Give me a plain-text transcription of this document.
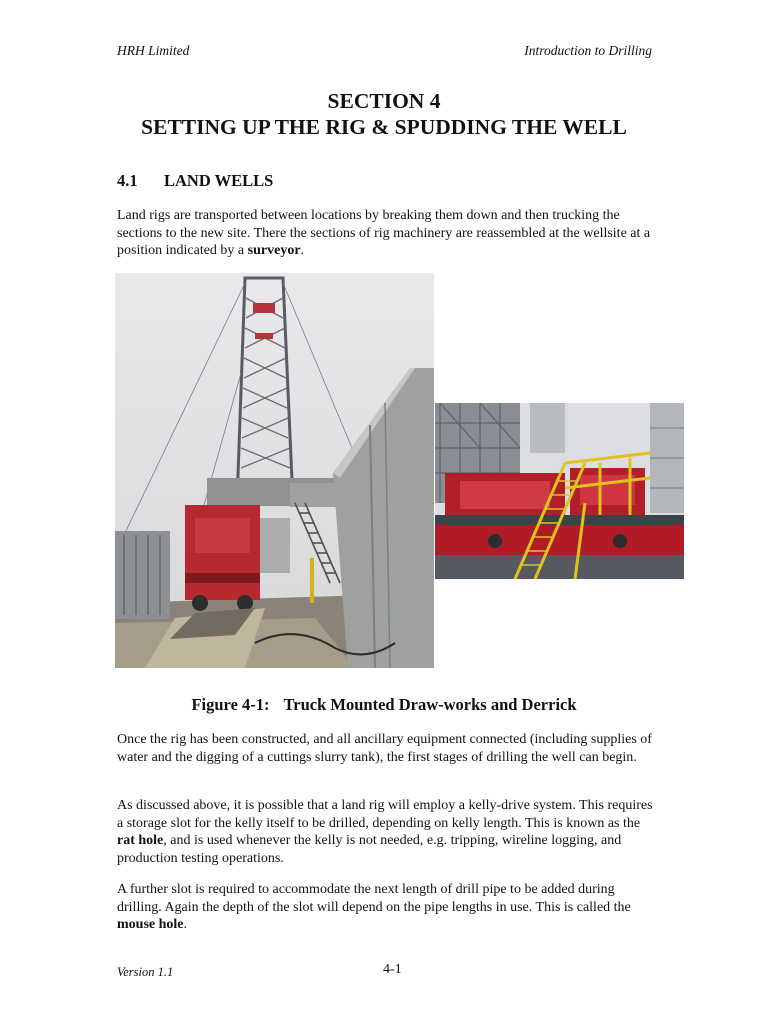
HRH Limited	Introduction to Drilling
SECTION 4
SETTING UP THE RIG & SPUDDING THE WELL
4.1 LAND WELLS

Land rigs are transported between locations by breaking them down and then trucking the sections to the new site. There the sections of rig machinery are reassembled at the wellsite at a position indicated by a surveyor.

Figure 4-1: Truck Mounted Draw-works and Derrick

Once the rig has been constructed, and all ancillary equipment connected (including supplies of water and the digging of a cuttings slurry tank), the first stages of drilling the well can begin.

As discussed above, it is possible that a land rig will employ a kelly-drive system. This requires a storage slot for the kelly itself to be drilled, depending on kelly length. This is known as the rat hole, and is used whenever the kelly is not needed, e.g. tripping, wireline logging, and production testing operations.

A further slot is required to accommodate the next length of drill pipe to be added during drilling. Again the depth of the slot will depend on the pipe lengths in use. This is called the mouse hole.

Version 1.1	4-1
